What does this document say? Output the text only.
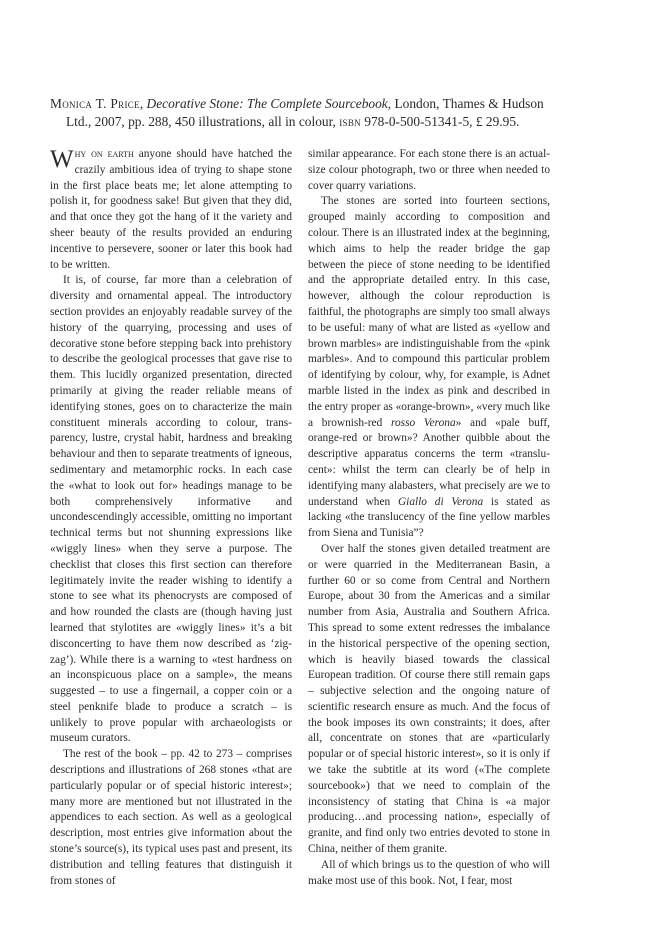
Monica T. Price, Decorative Stone: The Complete Sourcebook, London, Thames & Hudson
Ltd., 2007, pp. 288, 450 illustrations, all in colour, isbn 978-0-500-51341-5, £ 29.95.

Why on earth anyone should have hatched the crazily ambitious idea of trying to shape stone in the first place beats me; let alone attempting to polish it, for goodness sake! But given that they did, and that once they got the hang of it the variety and sheer beauty of the results provided an enduring incentive to persevere, sooner or later this book had to be written.

It is, of course, far more than a celebration of diversity and ornamental appeal. The introductory section provides an enjoyably readable survey of the history of the quarrying, processing and uses of decorative stone before stepping back into prehistory to describe the geological processes that gave rise to them. This lucidly organized presentation, directed primarily at giving the reader reliable means of identifying stones, goes on to characterize the main constituent minerals according to colour, transparency, lustre, crystal habit, hardness and breaking behaviour and then to separate treatments of igneous, sedimentary and metamorphic rocks. In each case the «what to look out for» headings manage to be both comprehensively informative and uncondescendingly accessible, omitting no important technical terms but not shunning expressions like «wiggly lines» when they serve a purpose. The checklist that closes this first section can therefore legitimately invite the reader wishing to identify a stone to see what its phenocrysts are composed of and how rounded the clasts are (though having just learned that stylotites are «wiggly lines» it’s a bit disconcerting to have them now described as ‘zig-zag’). While there is a warning to «test hardness on an inconspicuous place on a sample», the means suggested – to use a fingernail, a copper coin or a steel penknife blade to produce a scratch – is unlikely to prove popular with archaeologists or museum curators.

The rest of the book – pp. 42 to 273 – comprises descriptions and illustrations of 268 stones «that are particularly popular or of special historic interest»; many more are mentioned but not illustrated in the appendices to each section. As well as a geological description, most entries give information about the stone’s source(s), its typical uses past and present, its distribution and telling features that distinguish it from stones of

similar appearance. For each stone there is an actual-size colour photograph, two or three when needed to cover quarry variations.

The stones are sorted into fourteen sections, grouped mainly according to composition and colour. There is an illustrated index at the beginning, which aims to help the reader bridge the gap between the piece of stone needing to be identified and the appropriate detailed entry. In this case, however, although the colour reproduction is faithful, the photographs are simply too small always to be useful: many of what are listed as «yellow and brown marbles» are indistinguishable from the «pink marbles». And to compound this particular problem of identifying by colour, why, for example, is Adnet marble listed in the index as pink and described in the entry proper as «orange-brown», «very much like a brownish-red rosso Verona» and «pale buff, orange-red or brown»? Another quibble about the descriptive apparatus concerns the term «translucent»: whilst the term can clearly be of help in identifying many alabasters, what precisely are we to understand when Giallo di Verona is stated as lacking «the translucency of the fine yellow marbles from Siena and Tunisia”?

Over half the stones given detailed treatment are or were quarried in the Mediterranean Basin, a further 60 or so come from Central and Northern Europe, about 30 from the Americas and a similar number from Asia, Australia and Southern Africa. This spread to some extent redresses the imbalance in the historical perspective of the opening section, which is heavily biased towards the classical European tradition. Of course there still remain gaps – subjective selection and the ongoing nature of scientific research ensure as much. And the focus of the book imposes its own constraints; it does, after all, concentrate on stones that are «particularly popular or of special historic interest», so it is only if we take the subtitle at its word («The complete sourcebook») that we need to complain of the inconsistency of stating that China is «a major producing…and processing nation», especially of granite, and find only two entries devoted to stone in China, neither of them granite.

All of which brings us to the question of who will make most use of this book. Not, I fear, most
